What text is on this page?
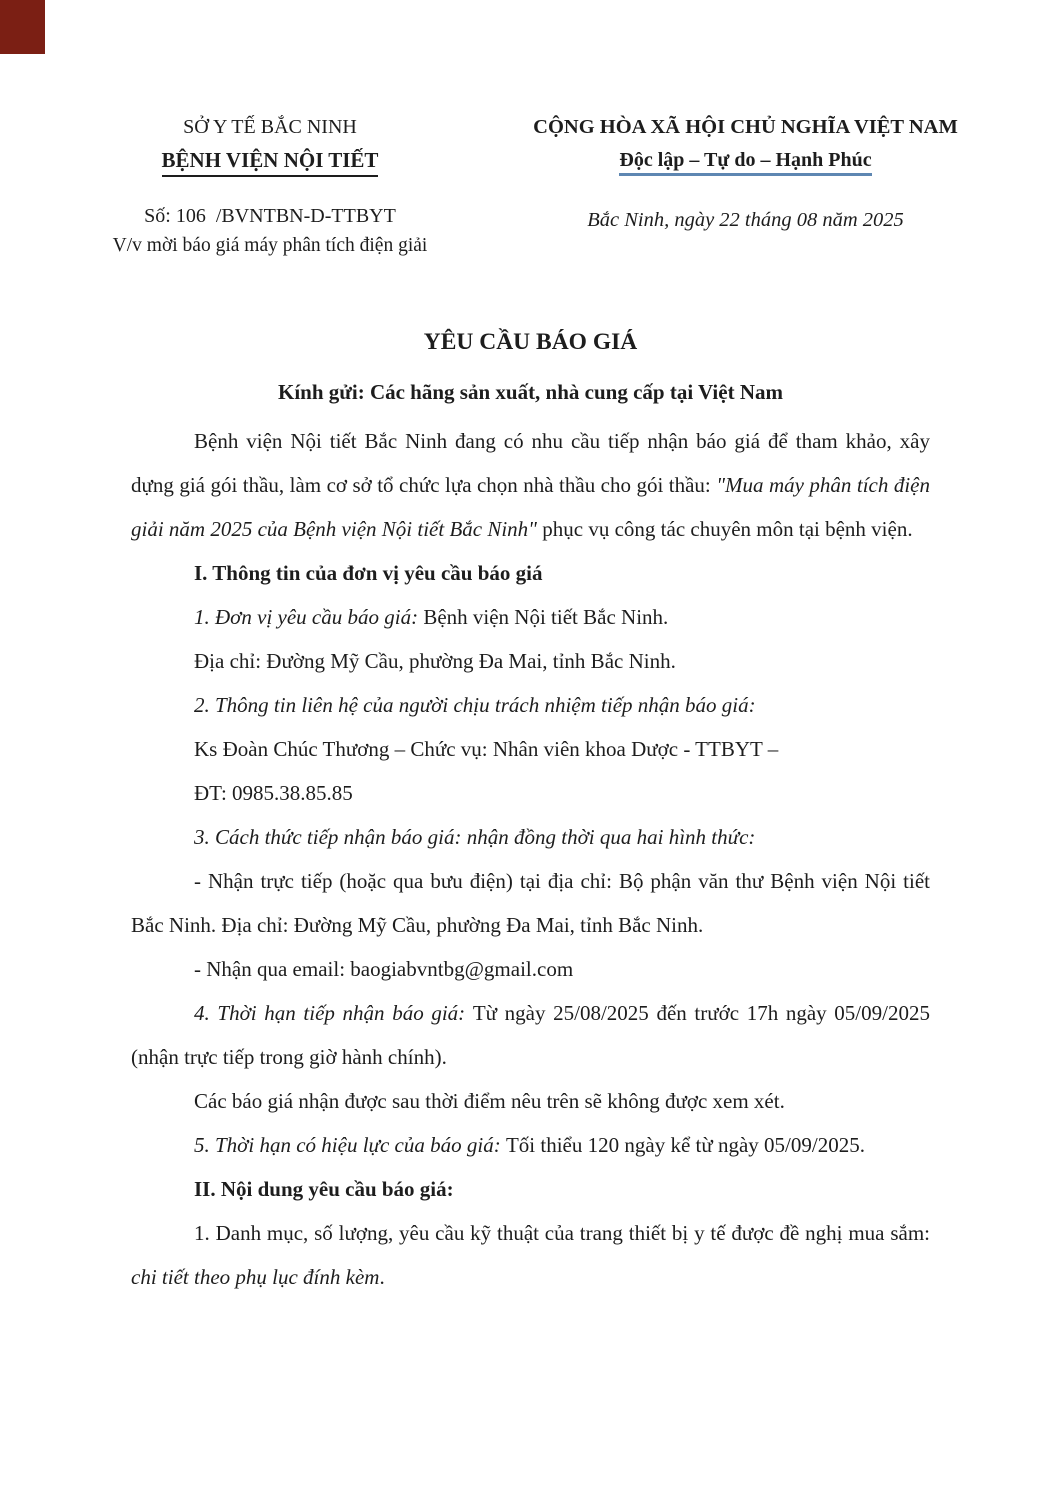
SỞ Y TẾ BẮC NINH
BỆNH VIỆN NỘI TIẾT
Số: 106  /BVNTBN-D-TTBYT
V/v mời báo giá máy phân tích điện giải
CỘNG HÒA XÃ HỘI CHỦ NGHĨA VIỆT NAM
Độc lập – Tự do – Hạnh Phúc
Bắc Ninh, ngày 22 tháng 08 năm 2025
YÊU CẦU BÁO GIÁ
Kính gửi: Các hãng sản xuất, nhà cung cấp tại Việt Nam

Bệnh viện Nội tiết Bắc Ninh đang có nhu cầu tiếp nhận báo giá để tham khảo, xây dựng giá gói thầu, làm cơ sở tổ chức lựa chọn nhà thầu cho gói thầu: "Mua máy phân tích điện giải năm 2025 của Bệnh viện Nội tiết Bắc Ninh" phục vụ công tác chuyên môn tại bệnh viện.

I. Thông tin của đơn vị yêu cầu báo giá

1. Đơn vị yêu cầu báo giá: Bệnh viện Nội tiết Bắc Ninh.

Địa chỉ: Đường Mỹ Cầu, phường Đa Mai, tỉnh Bắc Ninh.

2. Thông tin liên hệ của người chịu trách nhiệm tiếp nhận báo giá:

Ks Đoàn Chúc Thương – Chức vụ: Nhân viên khoa Dược - TTBYT –

ĐT: 0985.38.85.85

3. Cách thức tiếp nhận báo giá: nhận đồng thời qua hai hình thức:

- Nhận trực tiếp (hoặc qua bưu điện) tại địa chỉ: Bộ phận văn thư Bệnh viện Nội tiết Bắc Ninh. Địa chỉ: Đường Mỹ Cầu, phường Đa Mai, tỉnh Bắc Ninh.

- Nhận qua email: baogiabvntbg@gmail.com

4. Thời hạn tiếp nhận báo giá: Từ ngày 25/08/2025 đến trước 17h ngày 05/09/2025 (nhận trực tiếp trong giờ hành chính).

Các báo giá nhận được sau thời điểm nêu trên sẽ không được xem xét.

5. Thời hạn có hiệu lực của báo giá: Tối thiểu 120 ngày kể từ ngày 05/09/2025.

II. Nội dung yêu cầu báo giá:

1. Danh mục, số lượng, yêu cầu kỹ thuật của trang thiết bị y tế được đề nghị mua sắm: chi tiết theo phụ lục đính kèm.
